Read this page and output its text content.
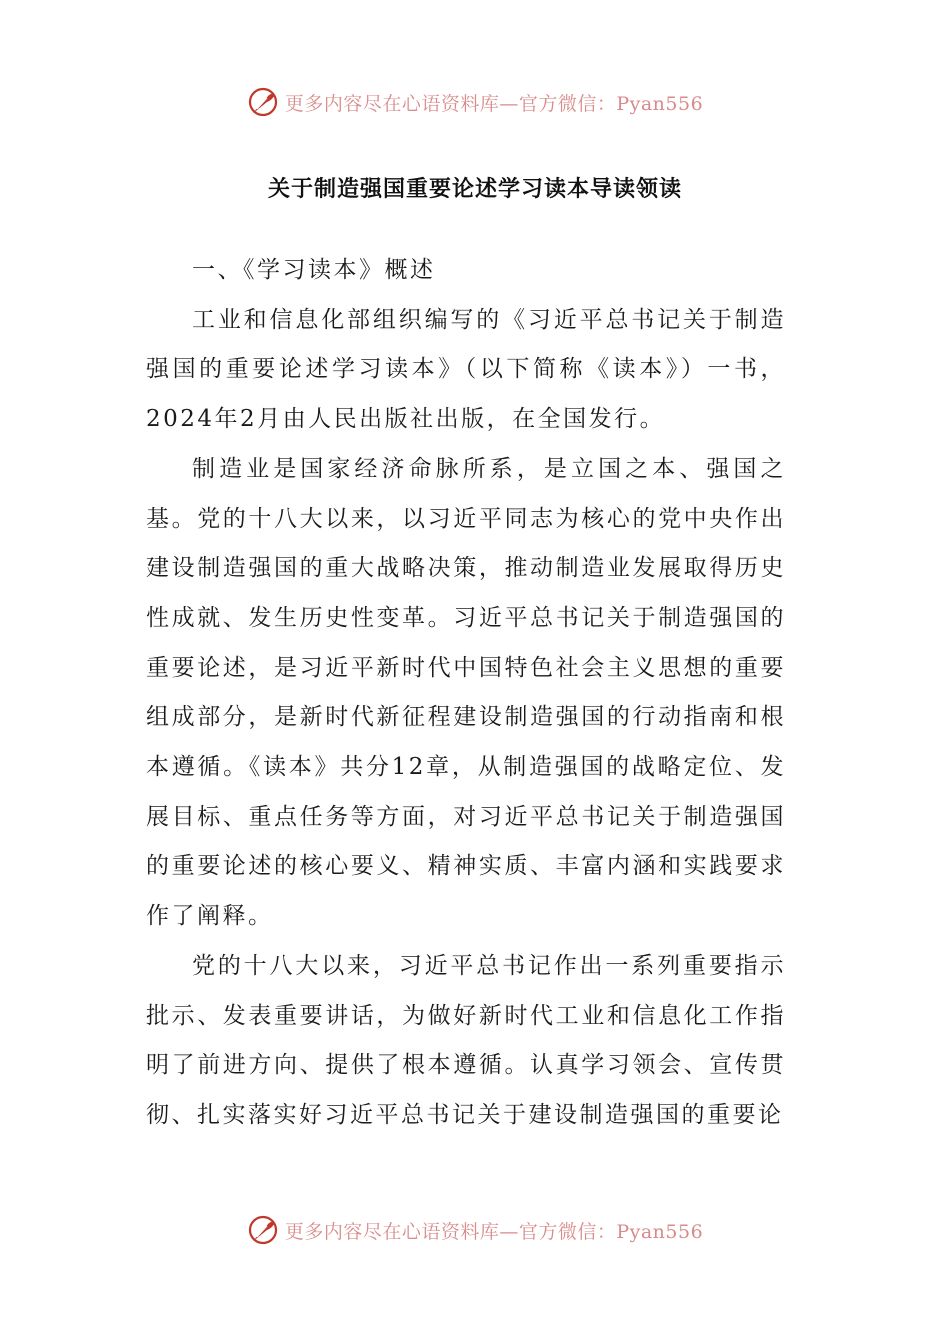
更多内容尽在心语资料库—官方微信：Pyan556
关于制造强国重要论述学习读本导读领读

一、《学习读本》概述

工业和信息化部组织编写的《习近平总书记关于制造强国的重要论述学习读本》（以下简称《读本》）一书，2024年2月由人民出版社出版，在全国发行。

制造业是国家经济命脉所系，是立国之本、强国之基。党的十八大以来，以习近平同志为核心的党中央作出建设制造强国的重大战略决策，推动制造业发展取得历史性成就、发生历史性变革。习近平总书记关于制造强国的重要论述，是习近平新时代中国特色社会主义思想的重要组成部分，是新时代新征程建设制造强国的行动指南和根本遵循。《读本》共分12章，从制造强国的战略定位、发展目标、重点任务等方面，对习近平总书记关于制造强国的重要论述的核心要义、精神实质、丰富内涵和实践要求作了阐释。

党的十八大以来，习近平总书记作出一系列重要指示批示、发表重要讲话，为做好新时代工业和信息化工作指明了前进方向、提供了根本遵循。认真学习领会、宣传贯彻、扎实落实好习近平总书记关于建设制造强国的重要论

更多内容尽在心语资料库—官方微信：Pyan556
